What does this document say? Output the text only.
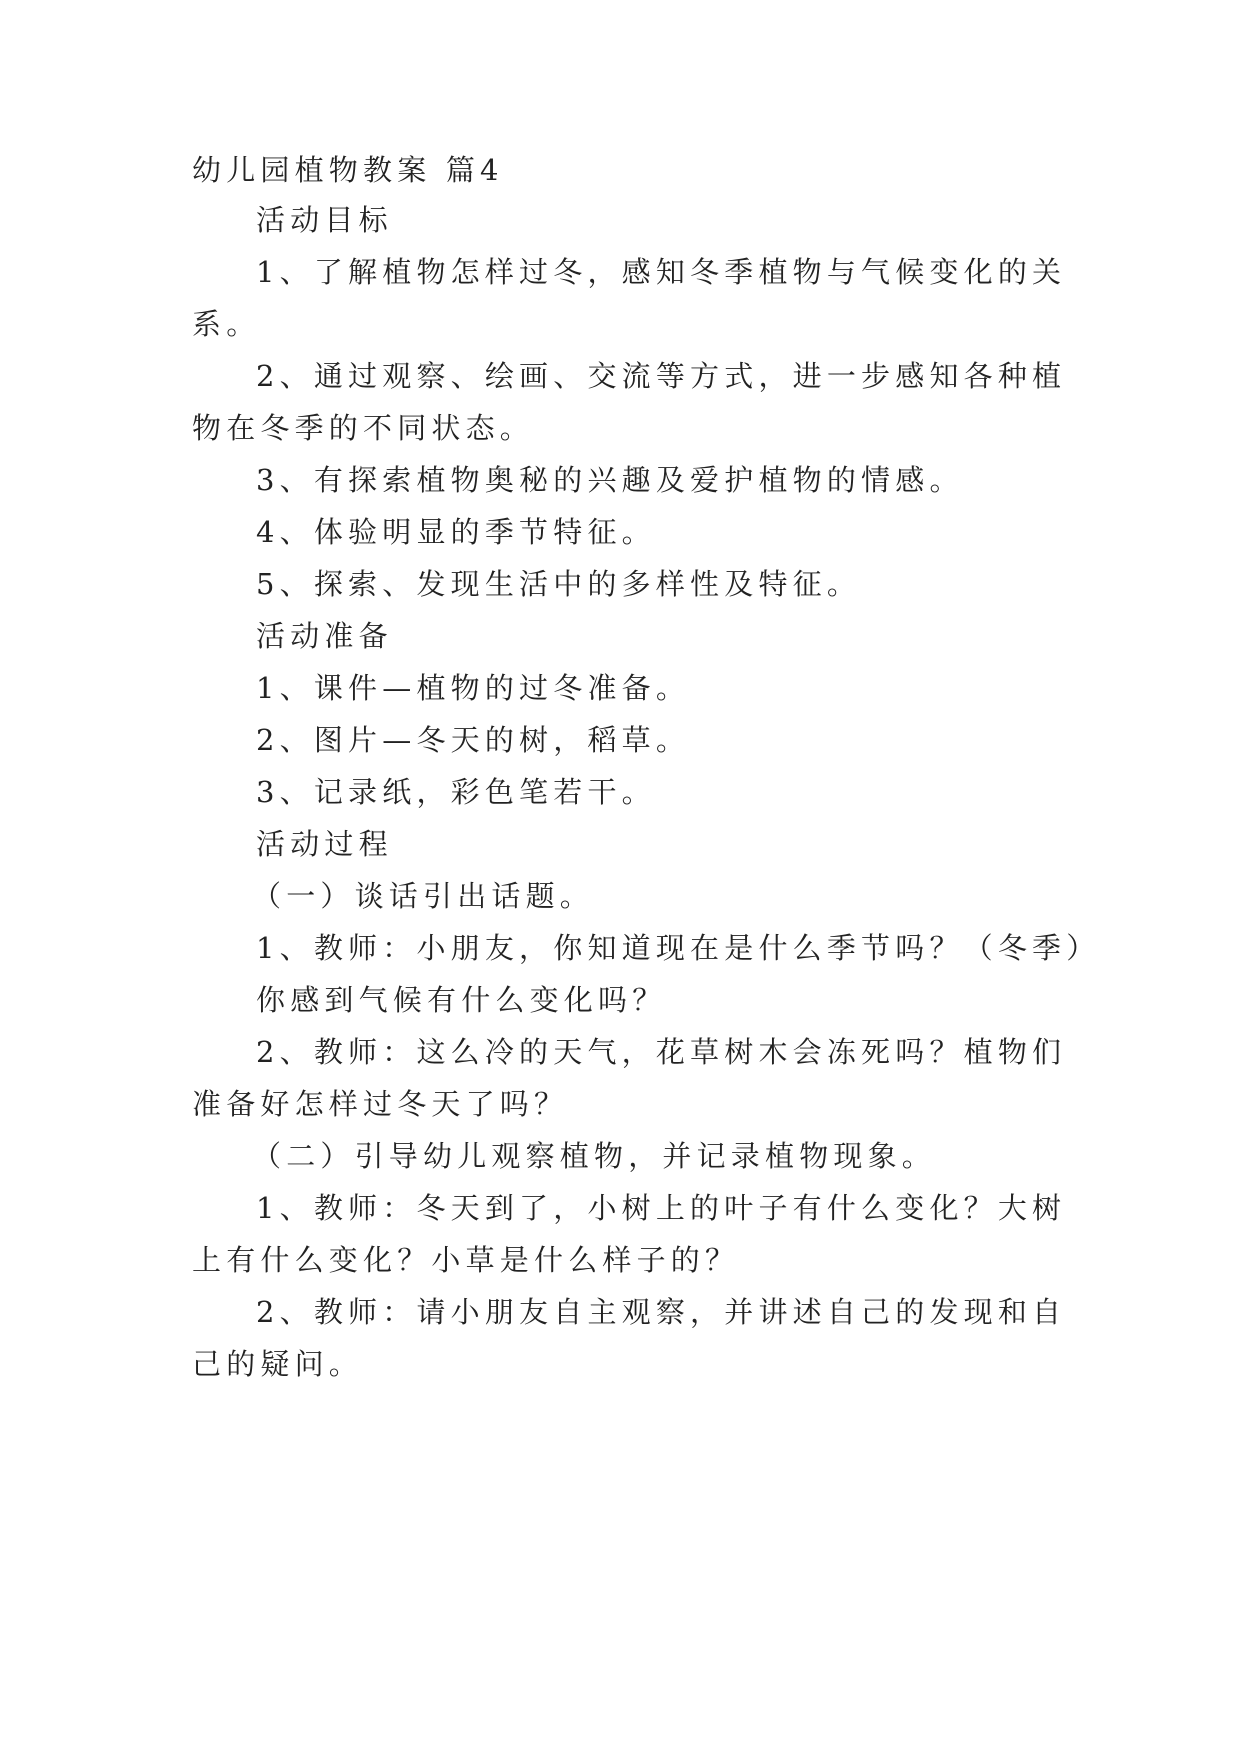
幼儿园植物教案 篇4
活动目标
1、了解植物怎样过冬，感知冬季植物与气候变化的关
系。
2、通过观察、绘画、交流等方式，进一步感知各种植
物在冬季的不同状态。
3、有探索植物奥秘的兴趣及爱护植物的情感。
4、体验明显的季节特征。
5、探索、发现生活中的多样性及特征。
活动准备
1、课件—植物的过冬准备。
2、图片—冬天的树，稻草。
3、记录纸，彩色笔若干。
活动过程
（一）谈话引出话题。
1、教师：小朋友，你知道现在是什么季节吗？（冬季）
你感到气候有什么变化吗？
2、教师：这么冷的天气，花草树木会冻死吗？植物们
准备好怎样过冬天了吗？
（二）引导幼儿观察植物，并记录植物现象。
1、教师：冬天到了，小树上的叶子有什么变化？大树
上有什么变化？小草是什么样子的？
2、教师：请小朋友自主观察，并讲述自己的发现和自
己的疑问。
